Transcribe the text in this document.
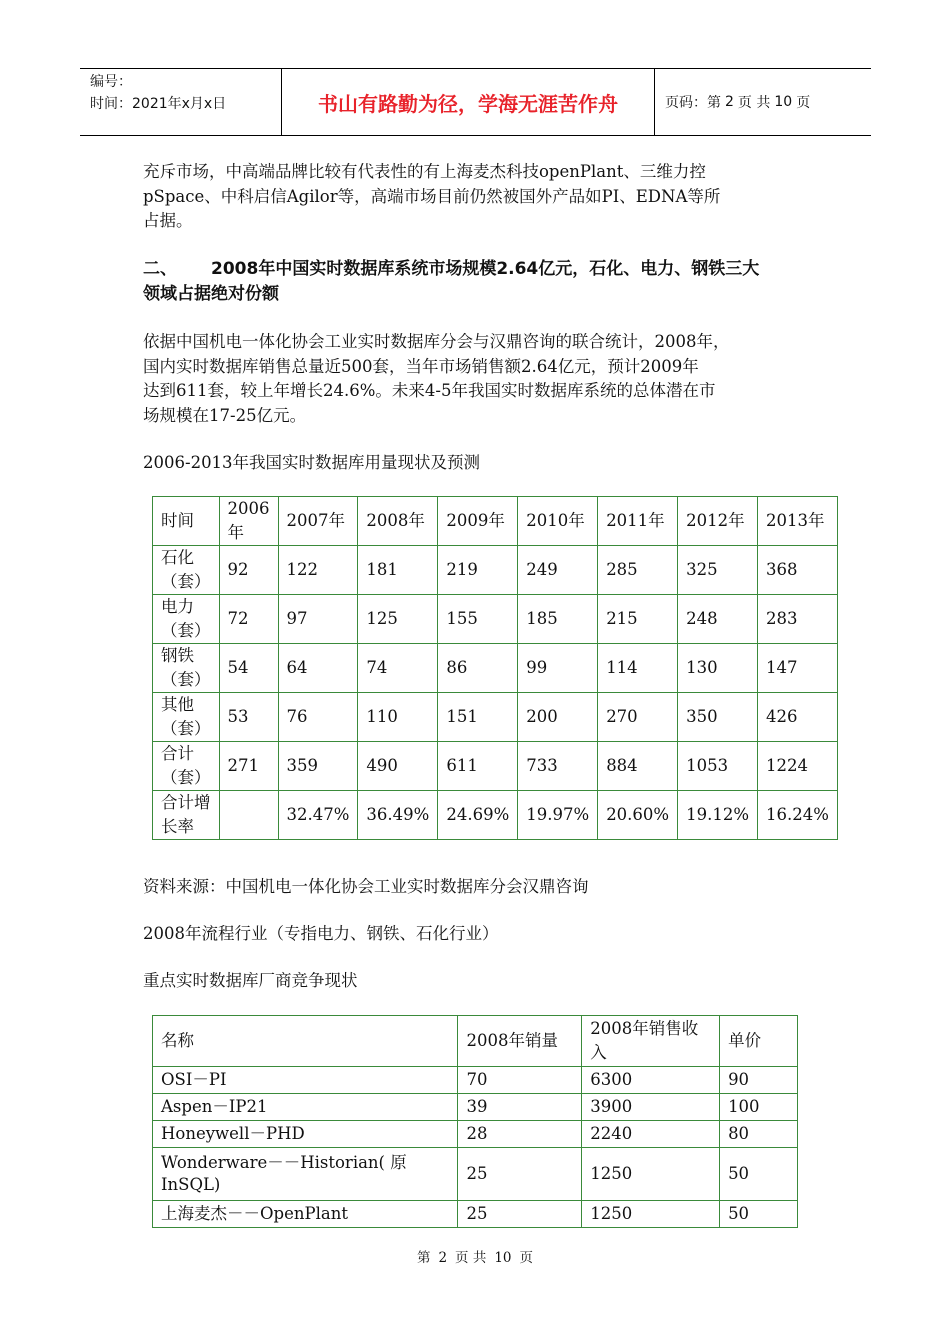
编号：
时间：2021年x月x日	书山有路勤为径，学海无涯苦作舟	页码：第 2 页 共 10 页
充斥市场，中高端品牌比较有代表性的有上海麦杰科技openPlant、三维力控
pSpace、中科启信Agilor等，高端市场目前仍然被国外产品如PI、EDNA等所
占据。
二、 2008年中国实时数据库系统市场规模2.64亿元，石化、电力、钢铁三大
领域占据绝对份额
依据中国机电一体化协会工业实时数据库分会与汉鼎咨询的联合统计，2008年，
国内实时数据库销售总量近500套，当年市场销售额2.64亿元，预计2009年
达到611套，较上年增长24.6%。未来4-5年我国实时数据库系统的总体潜在市
场规模在17-25亿元。
2006-2013年我国实时数据库用量现状及预测
时间	2006年	2007年	2008年	2009年	2010年	2011年	2012年	2013年
石化（套）	92	122	181	219	249	285	325	368
电力（套）	72	97	125	155	185	215	248	283
钢铁（套）	54	64	74	86	99	114	130	147
其他（套）	53	76	110	151	200	270	350	426
合计（套）	271	359	490	611	733	884	1053	1224
合计增长率		32.47%	36.49%	24.69%	19.97%	20.60%	19.12%	16.24%
资料来源：中国机电一体化协会工业实时数据库分会汉鼎咨询
2008年流程行业（专指电力、钢铁、石化行业）
重点实时数据库厂商竞争现状
名称	2008年销量	2008年销售收入	单价
OSI－PI	70	6300	90
Aspen－IP21	39	3900	100
Honeywell－PHD	28	2240	80
Wonderware－－Historian( 原InSQL)	25	1250	50
上海麦杰－－OpenPlant	25	1250	50
第 2 页 共 10 页
